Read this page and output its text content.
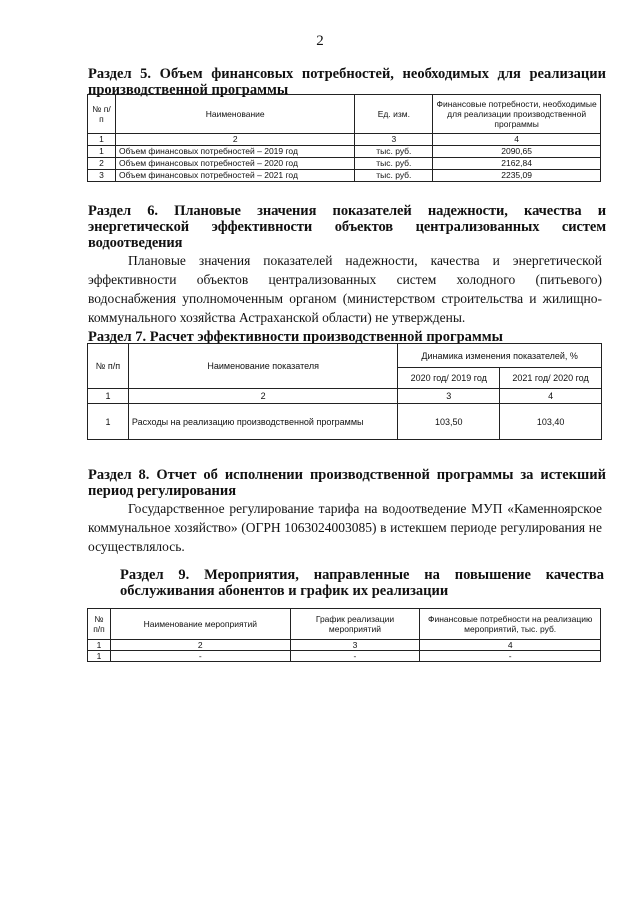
2
Раздел 5. Объем финансовых потребностей, необходимых для реализации производственной программы
№ п/п	Наименование	Ед. изм.	Финансовые потребности, необходимые для реализации производственной программы
1	2	3	4
1	Объем финансовых потребностей – 2019 год	тыс. руб.	2090,65
2	Объем финансовых потребностей – 2020 год	тыс. руб.	2162,84
3	Объем финансовых потребностей – 2021 год	тыс. руб.	2235,09
Раздел 6. Плановые значения показателей надежности, качества и энергетической эффективности объектов централизованных систем водоотведения
Плановые значения показателей надежности, качества и энергетической эффективности объектов централизованных систем холодного (питьевого) водоснабжения уполномоченным органом (министерством строительства и жилищно- коммунального хозяйства Астраханской области) не утверждены.
Раздел 7. Расчет эффективности производственной программы
№ п/п	Наименование показателя	Динамика изменения показателей, %	
		2020 год/ 2019 год	2021 год/ 2020 год
1	2	3	4
1	Расходы на реализацию производственной программы	103,50	103,40
Раздел 8. Отчет об исполнении производственной программы за истекший период регулирования
Государственное регулирование тарифа на водоотведение МУП «Каменноярское коммунальное хозяйство» (ОГРН 1063024003085) в истекшем периоде регулирования не осуществлялось.
Раздел 9. Мероприятия, направленные на повышение качества обслуживания абонентов и график их реализации
№ п/п	Наименование мероприятий	График реализации мероприятий	Финансовые потребности на реализацию мероприятий, тыс. руб.
1	2	3	4
1	-	-	-
